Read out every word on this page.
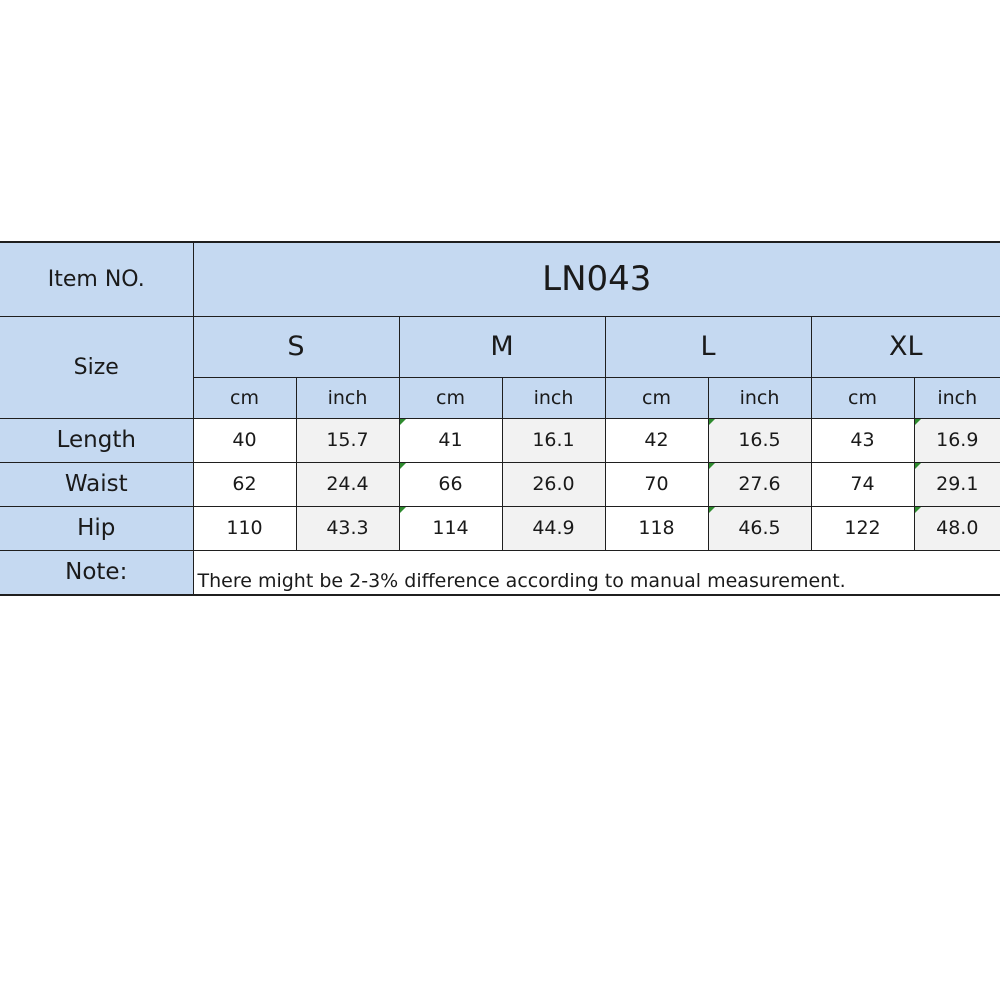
Item NO.	LN043							
Size	S		M		L		XL	
	cm	inch	cm	inch	cm	inch	cm	inch
Length	40	15.7	41	16.1	42	16.5	43	16.9
Waist	62	24.4	66	26.0	70	27.6	74	29.1
Hip	110	43.3	114	44.9	118	46.5	122	48.0
Note:	There might be 2-3% difference according to manual measurement.							
